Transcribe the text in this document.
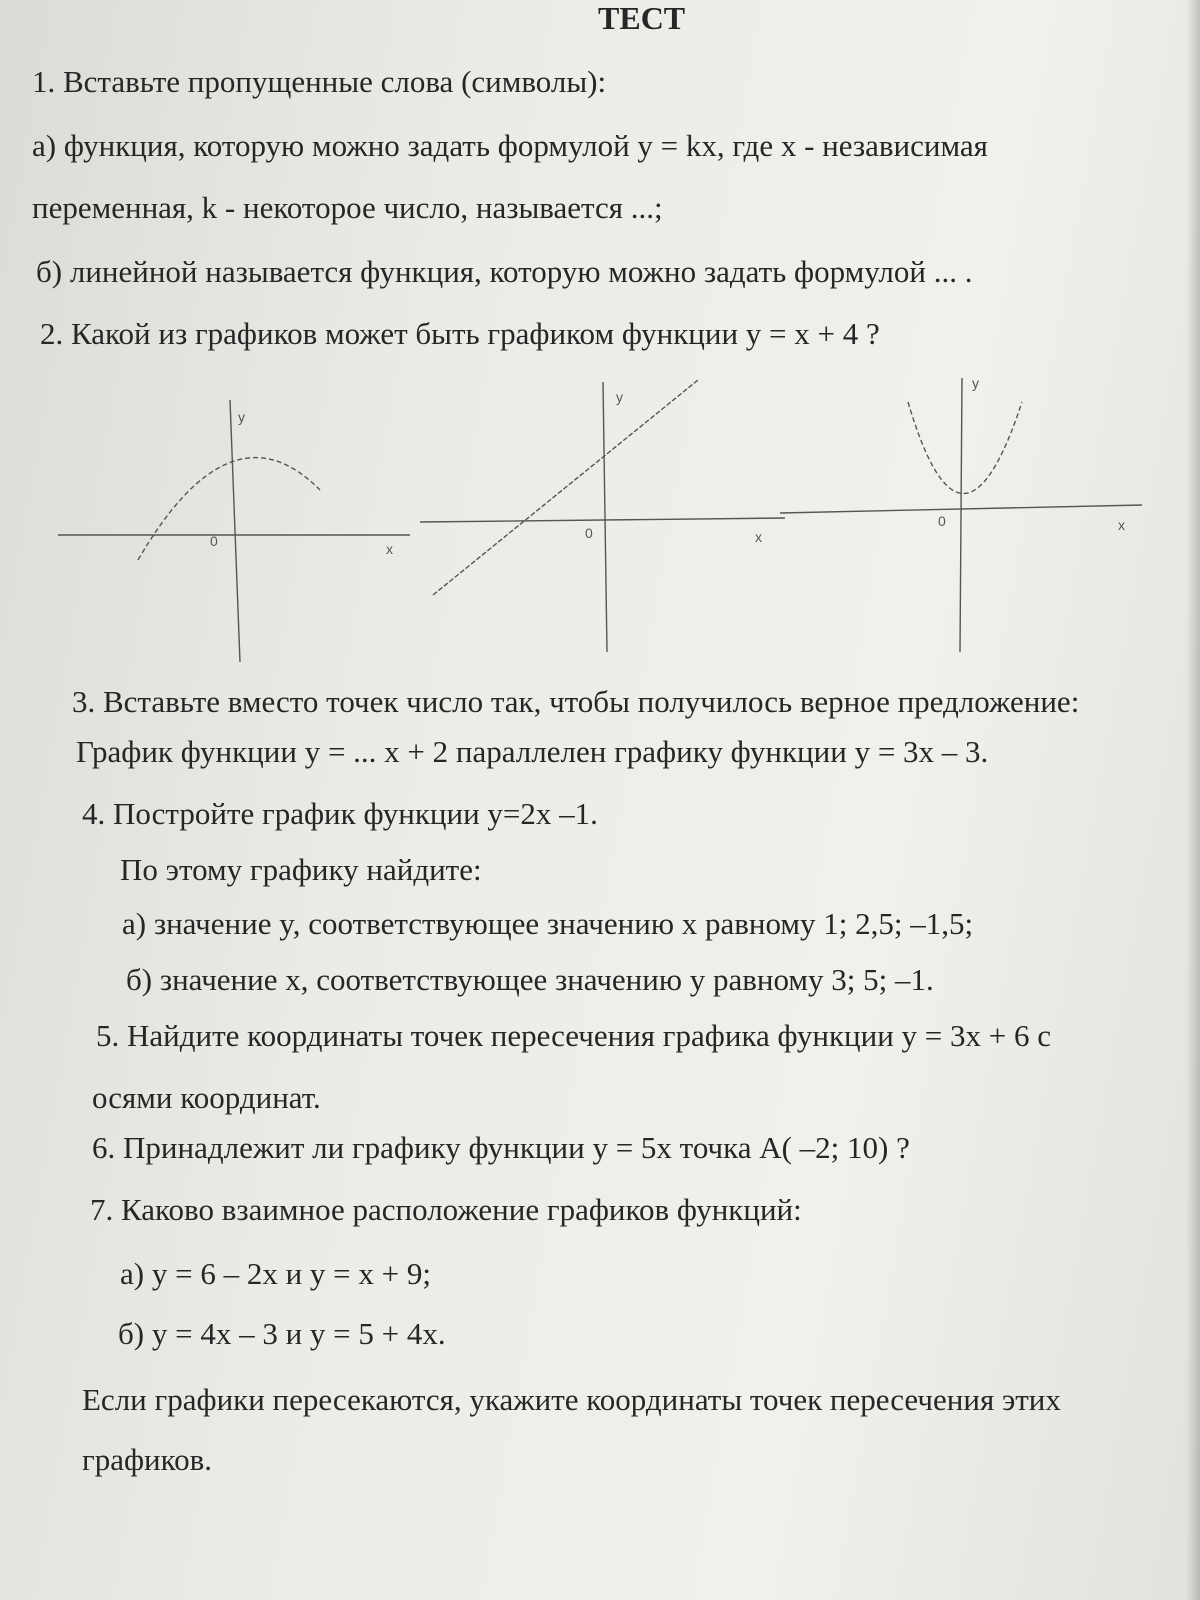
ТЕСТ
1. Вставьте пропущенные слова (символы):
а) функция, которую можно задать формулой y = kx, где x - независимая
переменная, k - некоторое число, называется ...;
б) линейной называется функция, которую можно задать формулой ... .
2. Какой из графиков может быть графиком функции y = x + 4 ?
y
0	x
y
0	x
y
0	x
3. Вставьте вместо точек число так, чтобы получилось верное предложение:
График функции y = ... x + 2 параллелен графику функции y = 3x – 3.
4. Постройте график функции y=2x –1.
По этому графику найдите:
а) значение y, соответствующее значению x равному 1; 2,5; –1,5;
б) значение x, соответствующее значению y равному 3; 5; –1.
5. Найдите координаты точек пересечения графика функции y = 3x + 6 с
осями координат.
6. Принадлежит ли графику функции y = 5x точка A( –2; 10) ?
7. Каково взаимное расположение графиков функций:
а) y = 6 – 2x и y = x + 9;
б) y = 4x – 3 и y = 5 + 4x.
Если графики пересекаются, укажите координаты точек пересечения этих
графиков.
